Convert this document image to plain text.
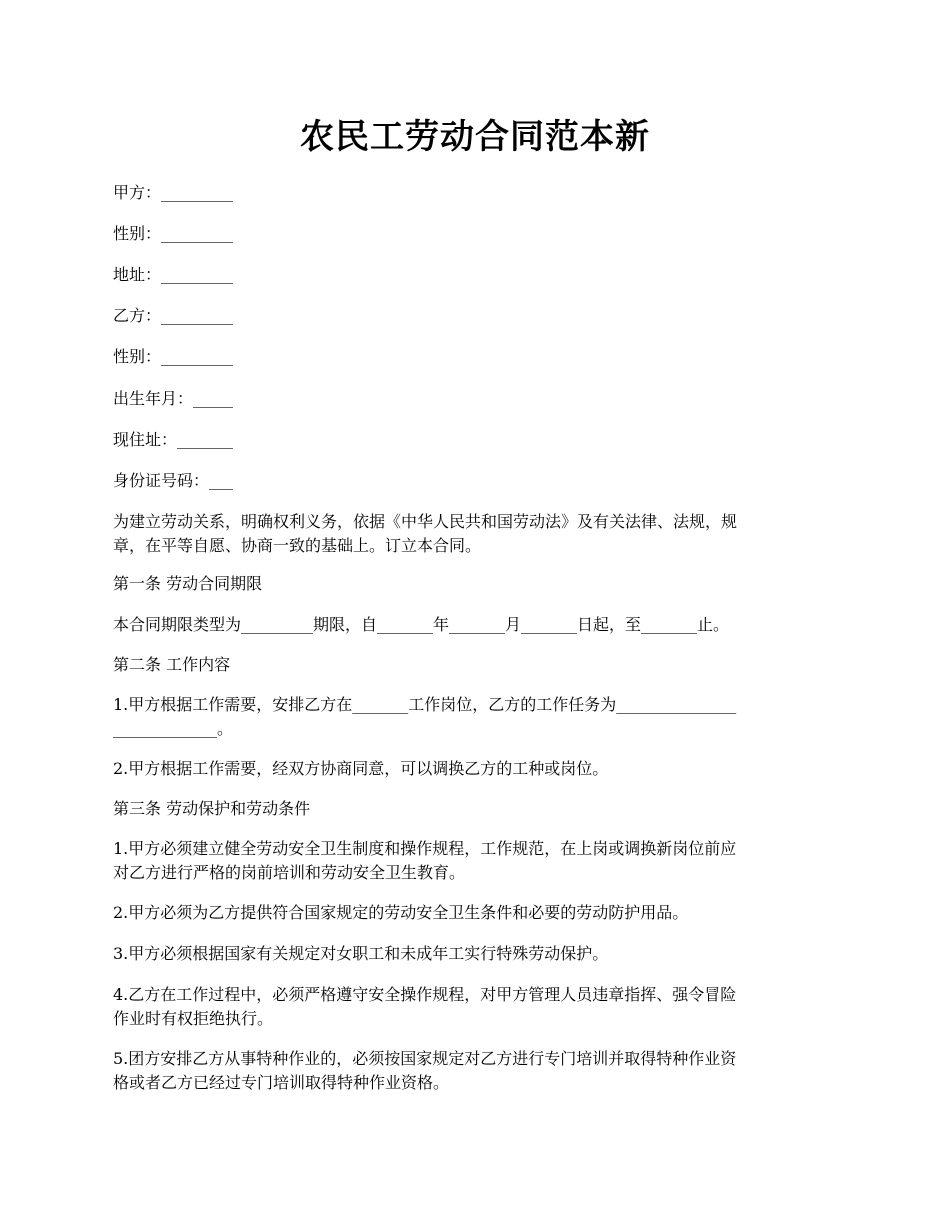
农民工劳动合同范本新

甲方：_________

性别：_________

地址：_________

乙方：_________

性别：_________

出生年月：_____

现住址：_______

身份证号码：___

为建立劳动关系，明确权利义务，依据《中华人民共和国劳动法》及有关法律、法规，规

章，在平等自愿、协商一致的基础上。订立本合同。

第一条 劳动合同期限

本合同期限类型为_________期限，自_______年_______月_______日起，至_______止。

第二条 工作内容

1.甲方根据工作需要，安排乙方在_______工作岗位，乙方的工作任务为_______________

_____________。

2.甲方根据工作需要，经双方协商同意，可以调换乙方的工种或岗位。

第三条 劳动保护和劳动条件

1.甲方必须建立健全劳动安全卫生制度和操作规程，工作规范，在上岗或调换新岗位前应

对乙方进行严格的岗前培训和劳动安全卫生教育。

2.甲方必须为乙方提供符合国家规定的劳动安全卫生条件和必要的劳动防护用品。

3.甲方必须根据国家有关规定对女职工和未成年工实行特殊劳动保护。

4.乙方在工作过程中，必须严格遵守安全操作规程，对甲方管理人员违章指挥、强令冒险

作业时有权拒绝执行。

5.团方安排乙方从事特种作业的，必须按国家规定对乙方进行专门培训并取得特种作业资

格或者乙方已经过专门培训取得特种作业资格。
